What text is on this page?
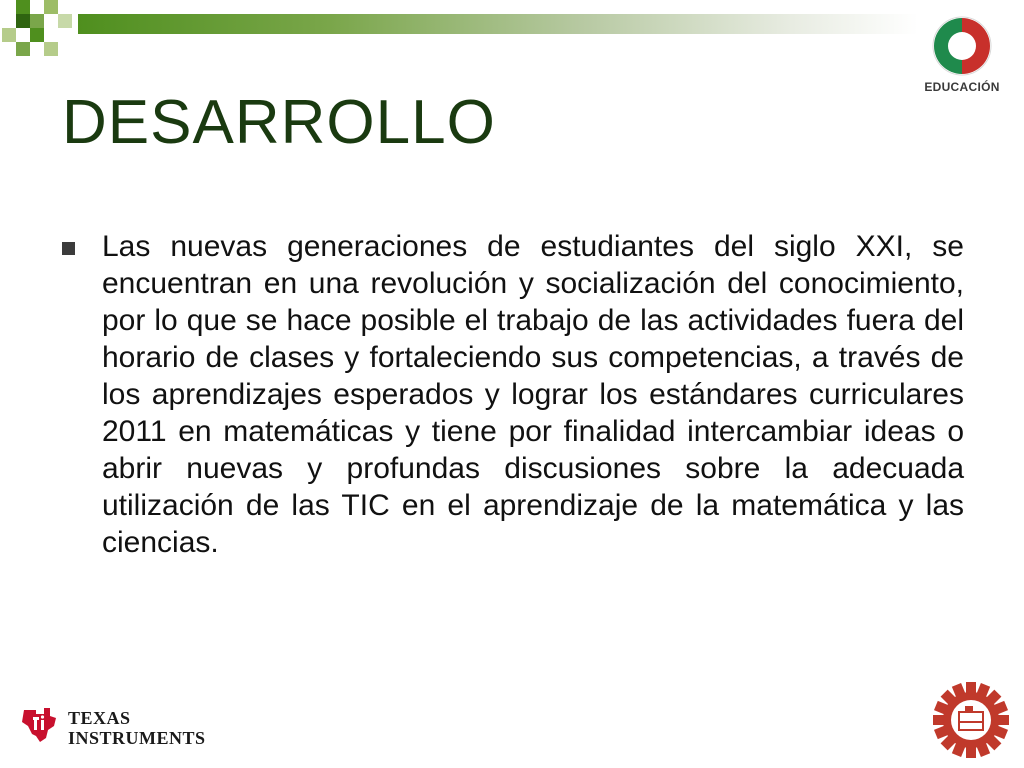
EDUCACIÓN
DESARROLLO

Las nuevas generaciones de estudiantes del siglo XXI, se encuentran en una revolución y socialización del conocimiento, por lo que se hace posible el trabajo de las actividades fuera del horario de clases y fortaleciendo sus competencias, a través de los aprendizajes esperados y lograr los estándares curriculares 2011 en matemáticas y tiene por finalidad intercambiar ideas o abrir nuevas y profundas discusiones sobre la adecuada utilización de las TIC en el aprendizaje de la matemática y las ciencias.

TEXAS
INSTRUMENTS
